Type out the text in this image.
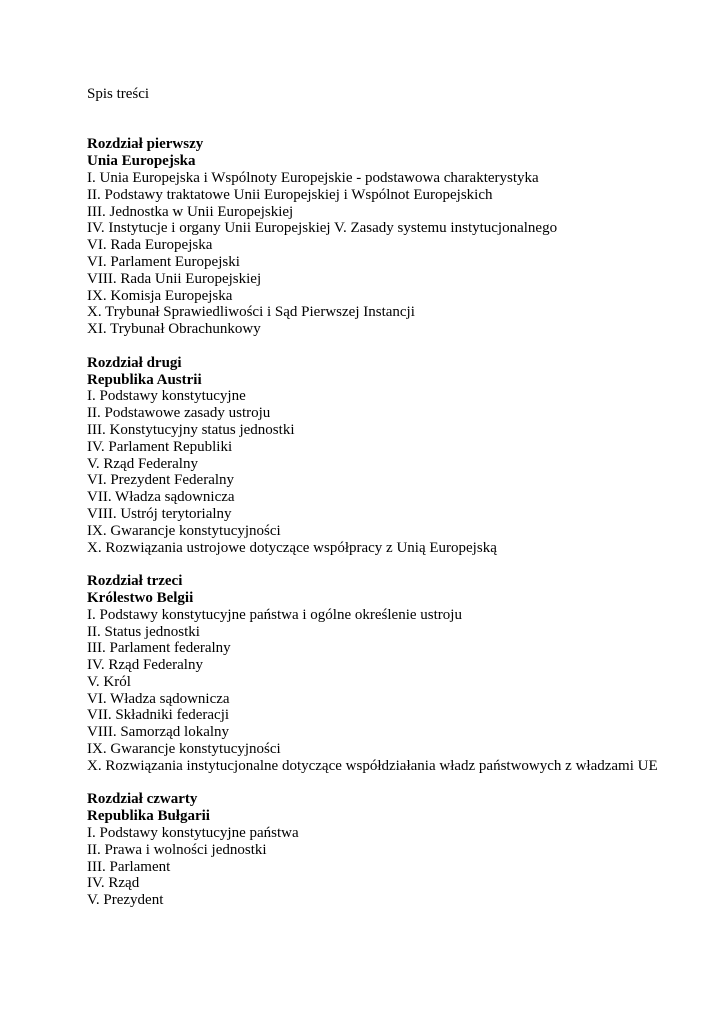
Spis treści
Rozdział pierwszy
Unia Europejska
I. Unia Europejska i Wspólnoty Europejskie - podstawowa charakterystyka
II. Podstawy traktatowe Unii Europejskiej i Wspólnot Europejskich
III. Jednostka w Unii Europejskiej
IV. Instytucje i organy Unii Europejskiej V. Zasady systemu instytucjonalnego
VI. Rada Europejska
VI. Parlament Europejski
VIII. Rada Unii Europejskiej
IX. Komisja Europejska
X. Trybunał Sprawiedliwości i Sąd Pierwszej Instancji
XI. Trybunał Obrachunkowy
Rozdział drugi
Republika Austrii
I. Podstawy konstytucyjne
II. Podstawowe zasady ustroju
III. Konstytucyjny status jednostki
IV. Parlament Republiki
V. Rząd Federalny
VI. Prezydent Federalny
VII. Władza sądownicza
VIII. Ustrój terytorialny
IX. Gwarancje konstytucyjności
X. Rozwiązania ustrojowe dotyczące współpracy z Unią Europejską
Rozdział trzeci
Królestwo Belgii
I. Podstawy konstytucyjne państwa i ogólne określenie ustroju
II. Status jednostki
III. Parlament federalny
IV. Rząd Federalny
V. Król
VI. Władza sądownicza
VII. Składniki federacji
VIII. Samorząd lokalny
IX. Gwarancje konstytucyjności
X. Rozwiązania instytucjonalne dotyczące współdziałania władz państwowych z władzami UE
Rozdział czwarty
Republika Bułgarii
I. Podstawy konstytucyjne państwa
II. Prawa i wolności jednostki
III. Parlament
IV. Rząd
V. Prezydent
